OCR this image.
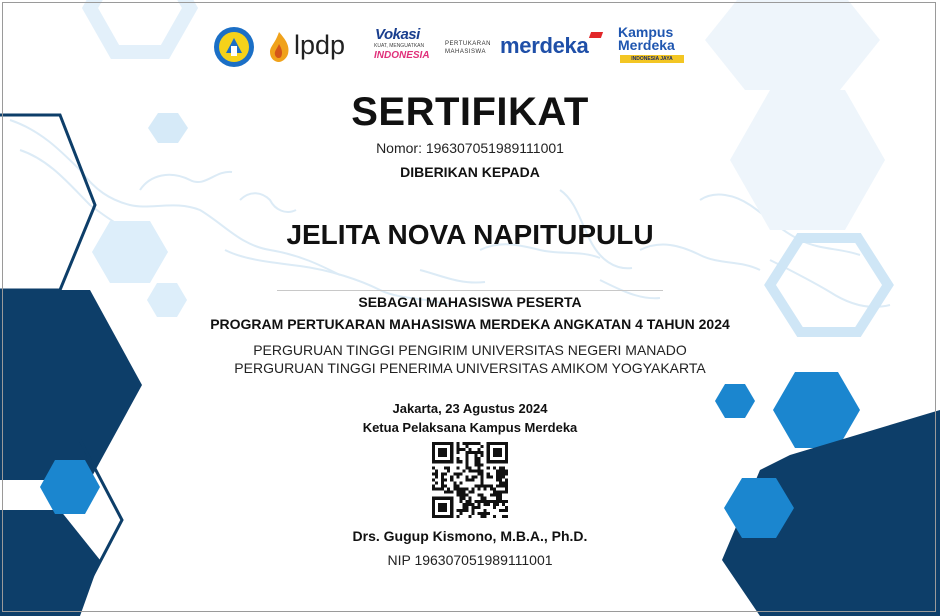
lpdp Vokasi
KUAT, MENGUATKAN
INDONESIA
PERTUKARAN
MAHASISWA merdeka
Kampus
Merdeka
INDONESIA JAYA
SERTIFIKAT
Nomor: 196307051989111001
DIBERIKAN KEPADA
JELITA NOVA NAPITUPULU
SEBAGAI MAHASISWA PESERTA
PROGRAM PERTUKARAN MAHASISWA MERDEKA ANGKATAN 4 TAHUN 2024
PERGURUAN TINGGI PENGIRIM UNIVERSITAS NEGERI MANADO
PERGURUAN TINGGI PENERIMA UNIVERSITAS AMIKOM YOGYAKARTA
Jakarta, 23 Agustus 2024
Ketua Pelaksana Kampus Merdeka
Drs. Gugup Kismono, M.B.A., Ph.D.
NIP 196307051989111001
